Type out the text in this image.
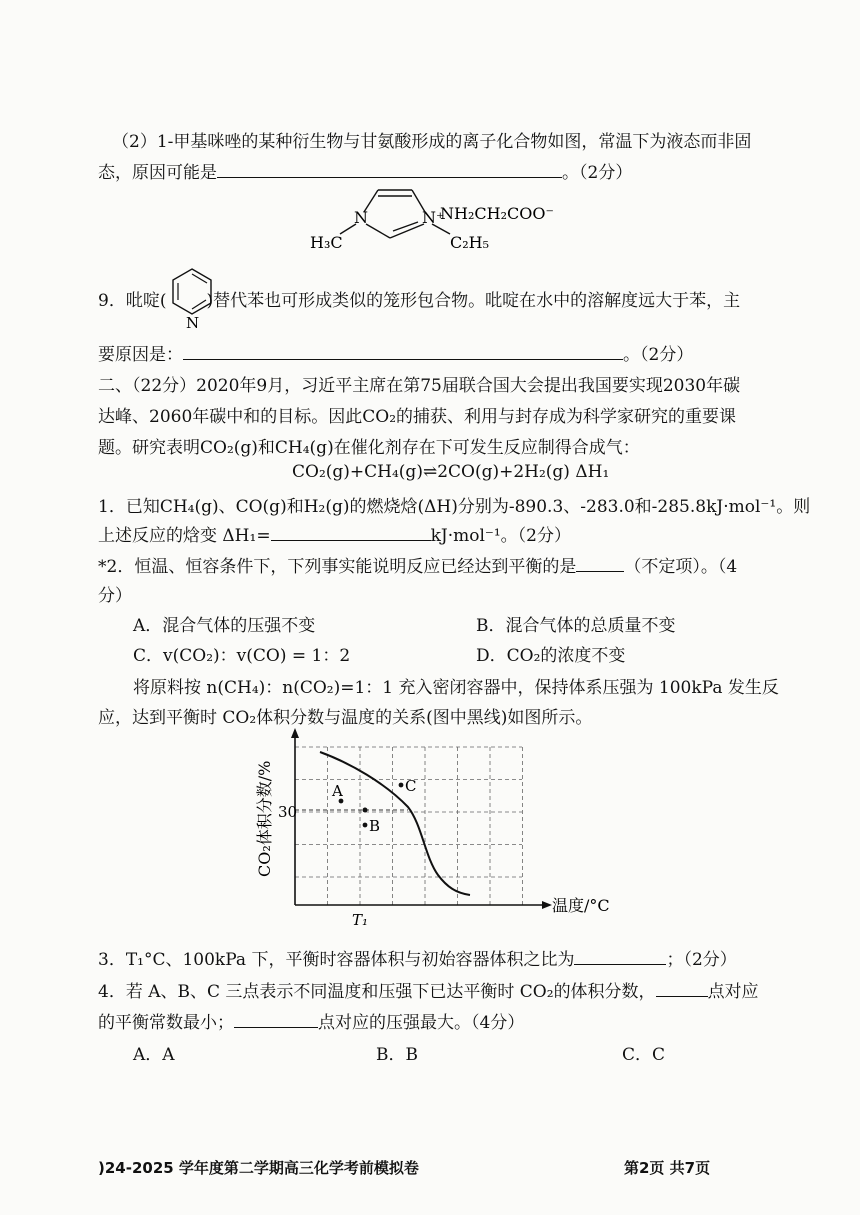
（2）1-甲基咪唑的某种衍生物与甘氨酸形成的离子化合物如图，常温下为液态而非固
态，原因可能是	。（2分）
N	N⁺
NH₂CH₂COO⁻
H₃C	C₂H₅
9．吡啶( )替代苯也可形成类似的笼形包合物。吡啶在水中的溶解度远大于苯，主
N
要原因是：	。（2分）
二、（22分）2020年9月，习近平主席在第75届联合国大会提出我国要实现2030年碳
达峰、2060年碳中和的目标。因此CO₂的捕获、利用与封存成为科学家研究的重要课
题。研究表明CO₂(g)和CH₄(g)在催化剂存在下可发生反应制得合成气：
CO₂(g)+CH₄(g)⇌2CO(g)+2H₂(g) ΔH₁
1．已知CH₄(g)、CO(g)和H₂(g)的燃烧焓(ΔH)分别为-890.3、-283.0和-285.8kJ·mol⁻¹。则
上述反应的焓变 ΔH₁=	kJ·mol⁻¹。（2分）
*2．恒温、恒容条件下，下列事实能说明反应已经达到平衡的是	（不定项）。（4
分）
A．混合气体的压强不变	B．混合气体的总质量不变
C．v(CO₂)：v(CO) = 1：2	D．CO₂的浓度不变
将原料按 n(CH₄)：n(CO₂)=1：1 充入密闭容器中，保持体系压强为 100kPa 发生反
应，达到平衡时 CO₂体积分数与温度的关系(图中黑线)如图所示。
30
T₁
温度/°C
CO₂体积分数/%	A
B
C
3．T₁°C、100kPa 下，平衡时容器体积与初始容器体积之比为	；（2分）
4．若 A、B、C 三点表示不同温度和压强下已达平衡时 CO₂的体积分数，	点对应
的平衡常数最小；	点对应的压强最大。（4分）
A．A	B．B	C．C
)24-2025 学年度第二学期高三化学考前模拟卷	第2页 共7页
